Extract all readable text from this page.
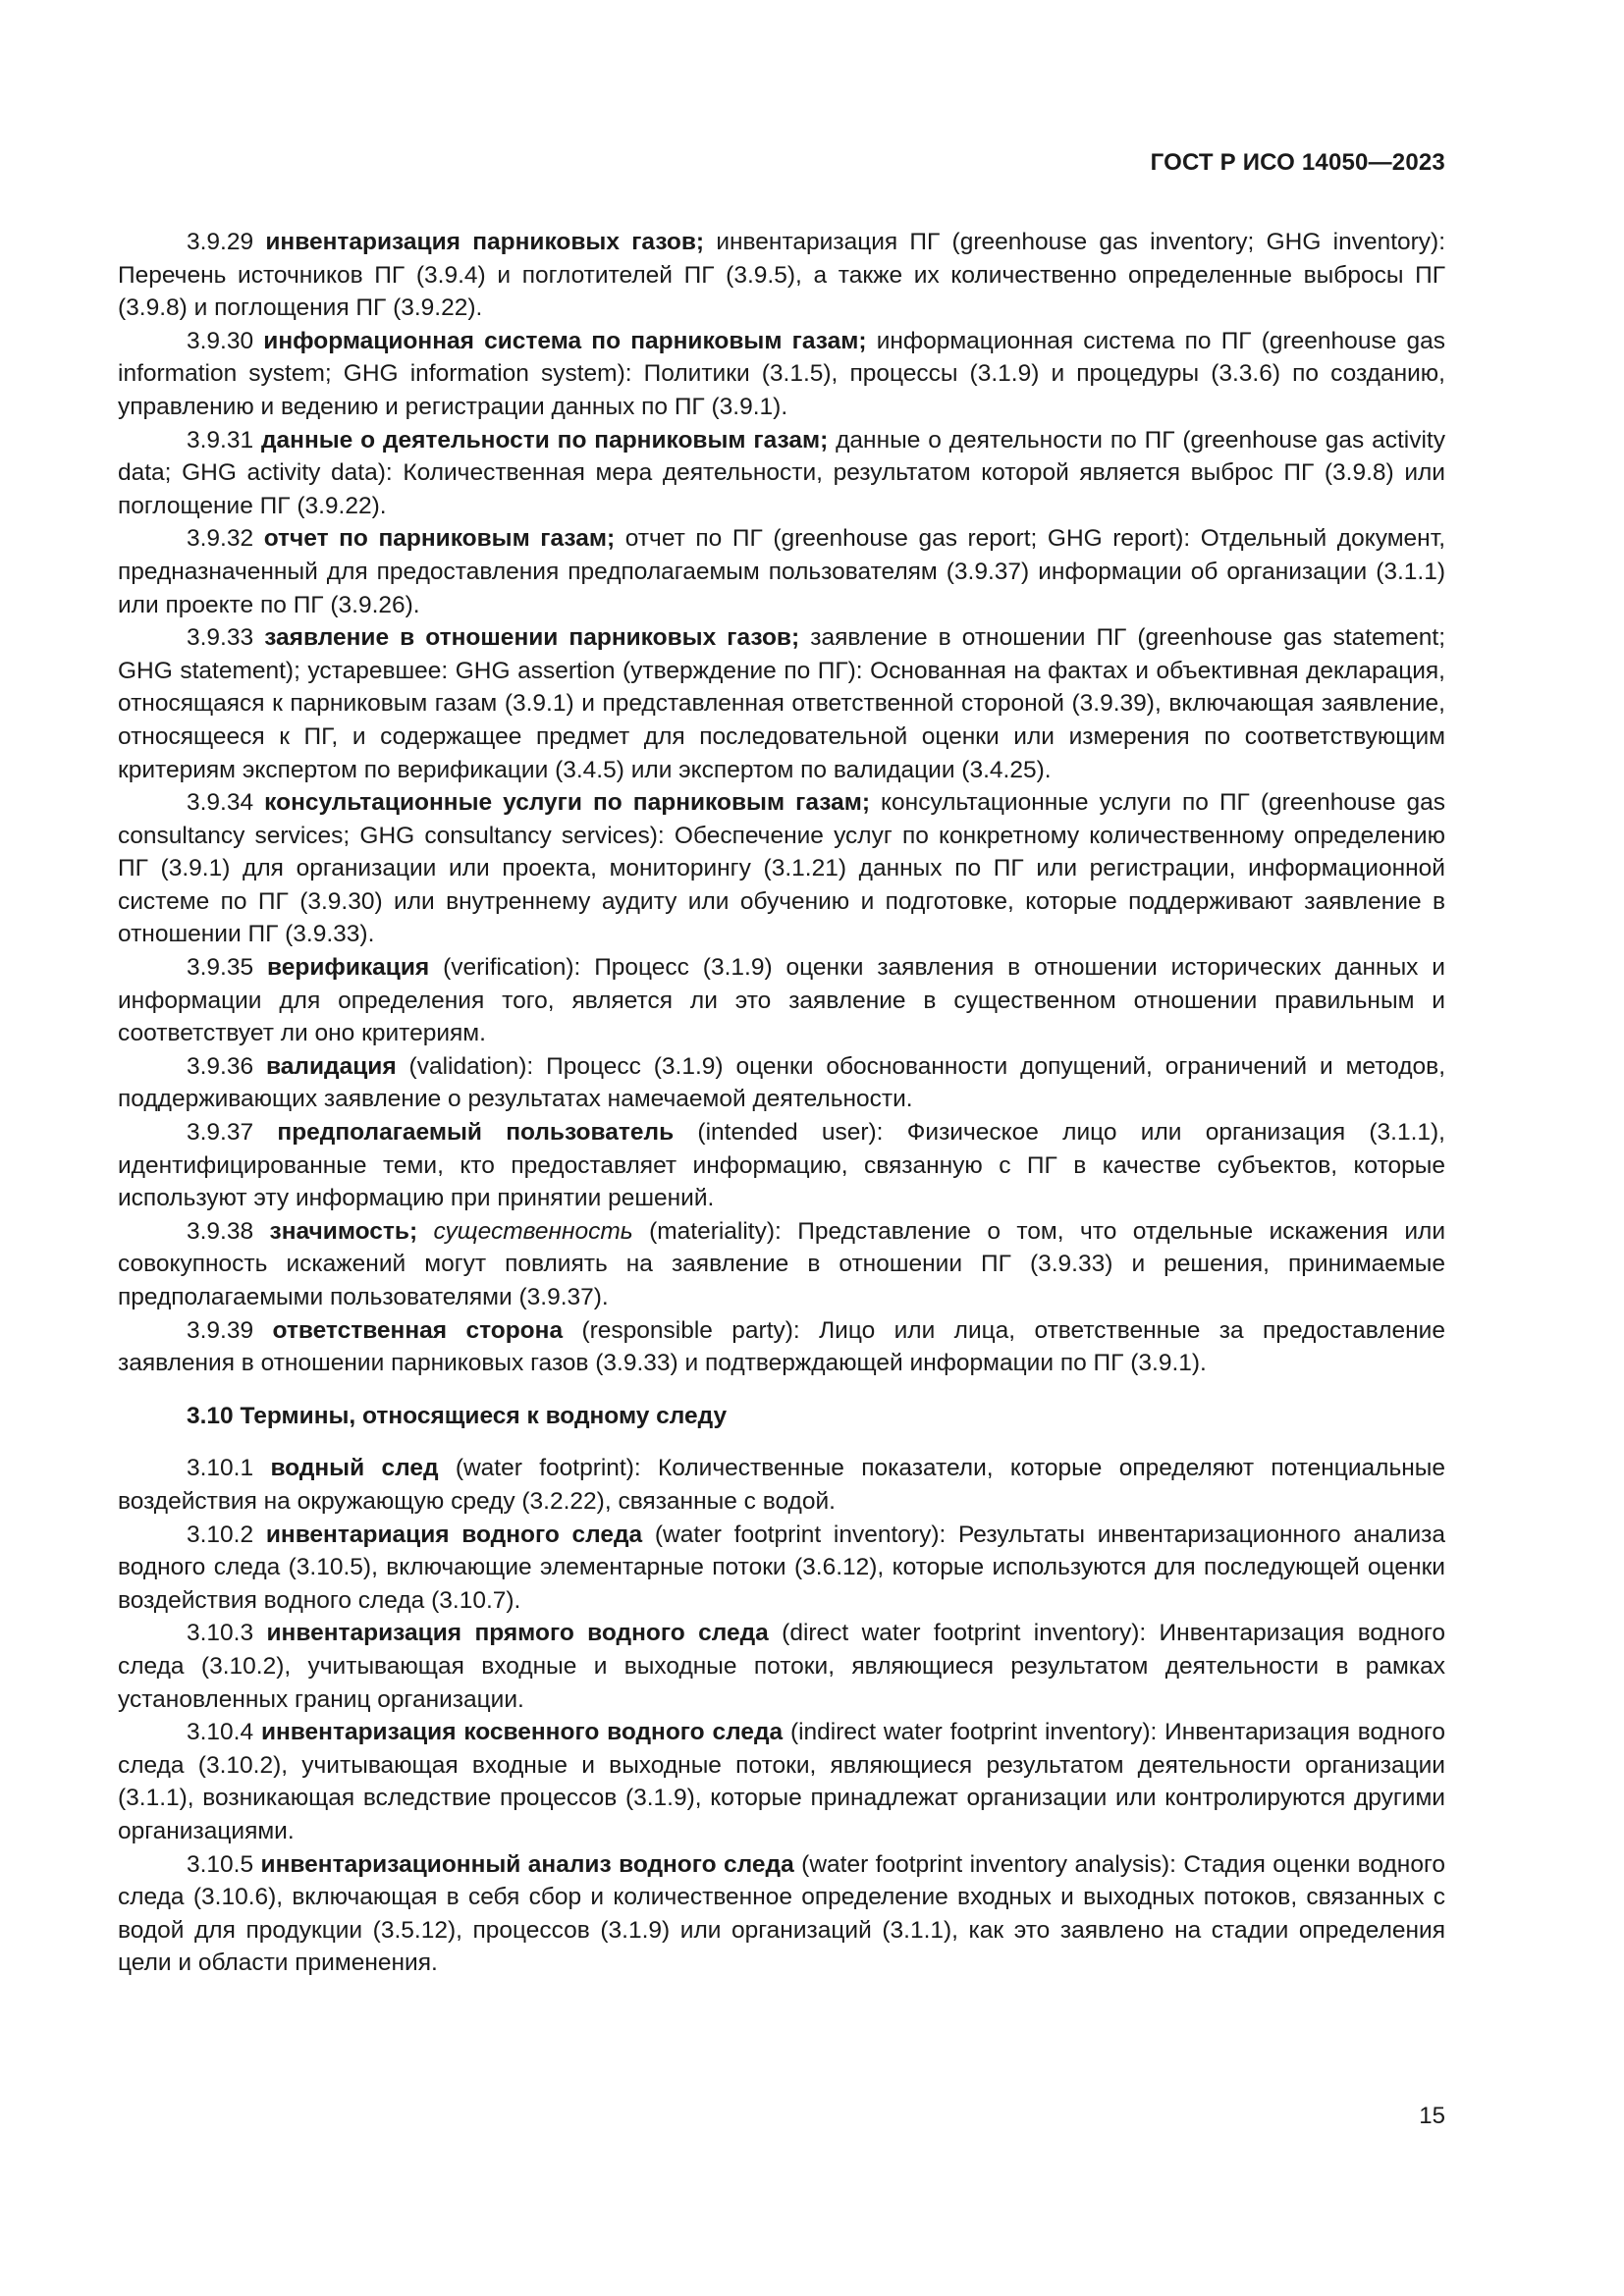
ГОСТ Р ИСО 14050—2023

3.9.29 инвентаризация парниковых газов; инвентаризация ПГ (greenhouse gas inventory; GHG inventory): Перечень источников ПГ (3.9.4) и поглотителей ПГ (3.9.5), а также их количественно определенные выбросы ПГ (3.9.8) и поглощения ПГ (3.9.22).

3.9.30 информационная система по парниковым газам; информационная система по ПГ (greenhouse gas information system; GHG information system): Политики (3.1.5), процессы (3.1.9) и процедуры (3.3.6) по созданию, управлению и ведению и регистрации данных по ПГ (3.9.1).

3.9.31 данные о деятельности по парниковым газам; данные о деятельности по ПГ (greenhouse gas activity data; GHG activity data): Количественная мера деятельности, результатом которой является выброс ПГ (3.9.8) или поглощение ПГ (3.9.22).

3.9.32 отчет по парниковым газам; отчет по ПГ (greenhouse gas report; GHG report): Отдельный документ, предназначенный для предоставления предполагаемым пользователям (3.9.37) информации об организации (3.1.1) или проекте по ПГ (3.9.26).

3.9.33 заявление в отношении парниковых газов; заявление в отношении ПГ (greenhouse gas statement; GHG statement); устаревшее: GHG assertion (утверждение по ПГ): Основанная на фактах и объективная декларация, относящаяся к парниковым газам (3.9.1) и представленная ответственной стороной (3.9.39), включающая заявление, относящееся к ПГ, и содержащее предмет для последовательной оценки или измерения по соответствующим критериям экспертом по верификации (3.4.5) или экспертом по валидации (3.4.25).

3.9.34 консультационные услуги по парниковым газам; консультационные услуги по ПГ (greenhouse gas consultancy services; GHG consultancy services): Обеспечение услуг по конкретному количественному определению ПГ (3.9.1) для организации или проекта, мониторингу (3.1.21) данных по ПГ или регистрации, информационной системе по ПГ (3.9.30) или внутреннему аудиту или обучению и подготовке, которые поддерживают заявление в отношении ПГ (3.9.33).

3.9.35 верификация (verification): Процесс (3.1.9) оценки заявления в отношении исторических данных и информации для определения того, является ли это заявление в существенном отношении правильным и соответствует ли оно критериям.

3.9.36 валидация (validation): Процесс (3.1.9) оценки обоснованности допущений, ограничений и методов, поддерживающих заявление о результатах намечаемой деятельности.

3.9.37 предполагаемый пользователь (intended user): Физическое лицо или организация (3.1.1), идентифицированные теми, кто предоставляет информацию, связанную с ПГ в качестве субъектов, которые используют эту информацию при принятии решений.

3.9.38 значимость; существенность (materiality): Представление о том, что отдельные искажения или совокупность искажений могут повлиять на заявление в отношении ПГ (3.9.33) и решения, принимаемые предполагаемыми пользователями (3.9.37).

3.9.39 ответственная сторона (responsible party): Лицо или лица, ответственные за предоставление заявления в отношении парниковых газов (3.9.33) и подтверждающей информации по ПГ (3.9.1).

3.10 Термины, относящиеся к водному следу

3.10.1 водный след (water footprint): Количественные показатели, которые определяют потенциальные воздействия на окружающую среду (3.2.22), связанные с водой.

3.10.2 инвентариация водного следа (water footprint inventory): Результаты инвентаризационного анализа водного следа (3.10.5), включающие элементарные потоки (3.6.12), которые используются для последующей оценки воздействия водного следа (3.10.7).

3.10.3 инвентаризация прямого водного следа (direct water footprint inventory): Инвентаризация водного следа (3.10.2), учитывающая входные и выходные потоки, являющиеся результатом деятельности в рамках установленных границ организации.

3.10.4 инвентаризация косвенного водного следа (indirect water footprint inventory): Инвентаризация водного следа (3.10.2), учитывающая входные и выходные потоки, являющиеся результатом деятельности организации (3.1.1), возникающая вследствие процессов (3.1.9), которые принадлежат организации или контролируются другими организациями.

3.10.5 инвентаризационный анализ водного следа (water footprint inventory analysis): Стадия оценки водного следа (3.10.6), включающая в себя сбор и количественное определение входных и выходных потоков, связанных с водой для продукции (3.5.12), процессов (3.1.9) или организаций (3.1.1), как это заявлено на стадии определения цели и области применения.

15
